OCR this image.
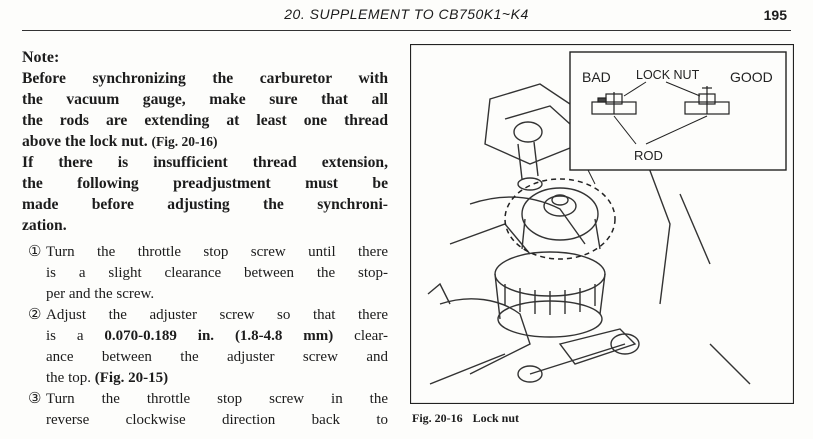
20. SUPPLEMENT TO CB750K1~K4	195
Note:
Before synchronizing the carburetor with
the vacuum gauge, make sure that all
the rods are extending at least one thread
above the lock nut. (Fig. 20-16)
If there is insufficient thread extension,
the following preadjustment must be
made before adjusting the synchroni-
zation.
① Turn the throttle stop screw until there
is a slight clearance between the stop-
per and the screw.
② Adjust the adjuster screw so that there
is a 0.070-0.189 in. (1.8-4.8 mm) clear-
ance between the adjuster screw and
the top. (Fig. 20-15)
③ Turn the throttle stop screw in the
reverse clockwise direction back to
BAD LOCK NUT GOOD
ROD
Fig. 20-16 Lock nut
